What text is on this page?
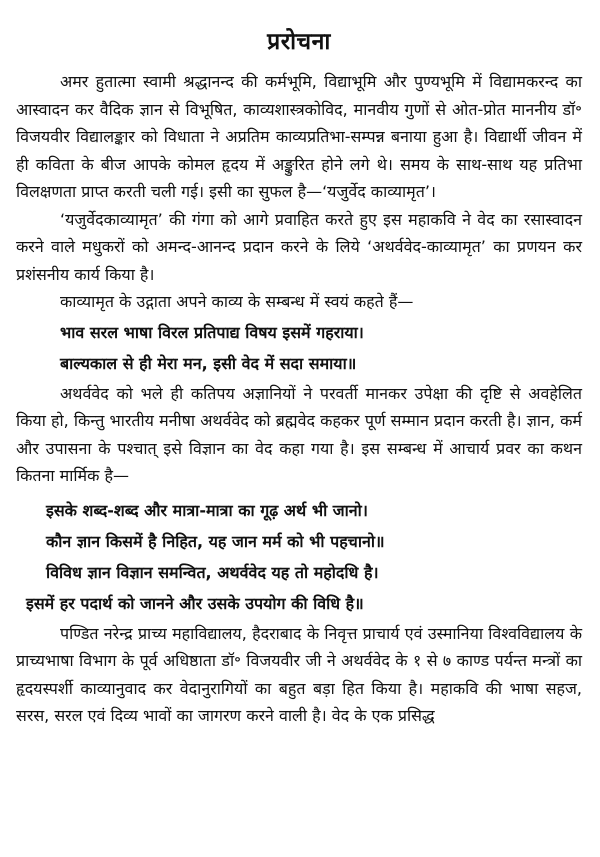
प्ररोचना

अमर हुतात्मा स्वामी श्रद्धानन्द की कर्मभूमि, विद्याभूमि और पुण्यभूमि में विद्यामकरन्द का आस्वादन कर वैदिक ज्ञान से विभूषित, काव्यशास्त्रकोविद, मानवीय गुणों से ओत-प्रोत माननीय डॉ॰ विजयवीर विद्यालङ्कार को विधाता ने अप्रतिम काव्यप्रतिभा-सम्पन्न बनाया हुआ है। विद्यार्थी जीवन में ही कविता के बीज आपके कोमल हृदय में अङ्कुरित होने लगे थे। समय के साथ-साथ यह प्रतिभा विलक्षणता प्राप्त करती चली गई। इसी का सुफल है—‘यजुर्वेद काव्यामृत’।

‘यजुर्वेदकाव्यामृत’ की गंगा को आगे प्रवाहित करते हुए इस महाकवि ने वेद का रसास्वादन करने वाले मधुकरों को अमन्द-आनन्द प्रदान करने के लिये ‘अथर्ववेद-काव्यामृत’ का प्रणयन कर प्रशंसनीय कार्य किया है।

काव्यामृत के उद्गाता अपने काव्य के सम्बन्ध में स्वयं कहते हैं—

भाव सरल भाषा विरल प्रतिपाद्य विषय इसमें गहराया।
बाल्यकाल से ही मेरा मन, इसी वेद में सदा समाया॥

अथर्ववेद को भले ही कतिपय अज्ञानियों ने परवर्ती मानकर उपेक्षा की दृष्टि से अवहेलित किया हो, किन्तु भारतीय मनीषा अथर्ववेद को ब्रह्मवेद कहकर पूर्ण सम्मान प्रदान करती है। ज्ञान, कर्म और उपासना के पश्चात् इसे विज्ञान का वेद कहा गया है। इस सम्बन्ध में आचार्य प्रवर का कथन कितना मार्मिक है—

इसके शब्द-शब्द और मात्रा-मात्रा का गूढ़ अर्थ भी जानो।
कौन ज्ञान किसमें है निहित, यह जान मर्म को भी पहचानो॥
विविध ज्ञान विज्ञान समन्वित, अथर्ववेद यह तो महोदधि है।
इसमें हर पदार्थ को जानने और उसके उपयोग की विधि है॥

पण्डित नरेन्द्र प्राच्य महाविद्यालय, हैदराबाद के निवृत्त प्राचार्य एवं उस्मानिया विश्वविद्यालय के प्राच्यभाषा विभाग के पूर्व अधिष्ठाता डॉ॰ विजयवीर जी ने अथर्ववेद के १ से ७ काण्ड पर्यन्त मन्त्रों का हृदयस्पर्शी काव्यानुवाद कर वेदानुरागियों का बहुत बड़ा हित किया है। महाकवि की भाषा सहज, सरस, सरल एवं दिव्य भावों का जागरण करने वाली है। वेद के एक प्रसिद्ध
